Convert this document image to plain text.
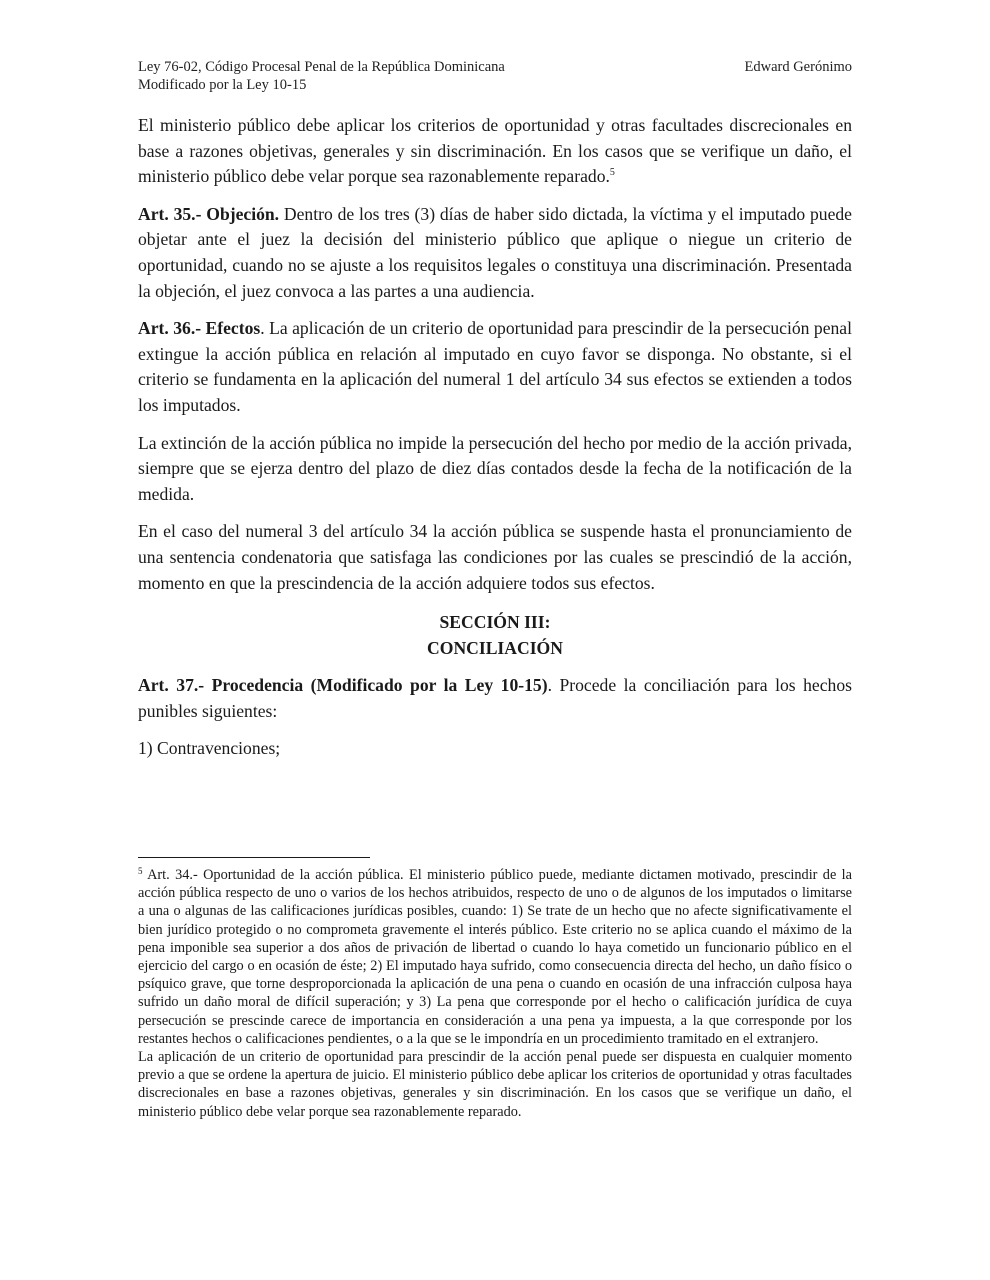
Ley 76-02, Código Procesal Penal de la República Dominicana	Edward Gerónimo
Modificado por la Ley 10-15

El ministerio público debe aplicar los criterios de oportunidad y otras facultades discrecionales en base a razones objetivas, generales y sin discriminación. En los casos que se verifique un daño, el ministerio público debe velar porque sea razonablemente reparado.$^5$

Art. 35.- Objeción. Dentro de los tres (3) días de haber sido dictada, la víctima y el imputado puede objetar ante el juez la decisión del ministerio público que aplique o niegue un criterio de oportunidad, cuando no se ajuste a los requisitos legales o constituya una discriminación. Presentada la objeción, el juez convoca a las partes a una audiencia.

Art. 36.- Efectos. La aplicación de un criterio de oportunidad para prescindir de la persecución penal extingue la acción pública en relación al imputado en cuyo favor se disponga. No obstante, si el criterio se fundamenta en la aplicación del numeral 1 del artículo 34 sus efectos se extienden a todos los imputados.

La extinción de la acción pública no impide la persecución del hecho por medio de la acción privada, siempre que se ejerza dentro del plazo de diez días contados desde la fecha de la notificación de la medida.

En el caso del numeral 3 del artículo 34 la acción pública se suspende hasta el pronunciamiento de una sentencia condenatoria que satisfaga las condiciones por las cuales se prescindió de la acción, momento en que la prescindencia de la acción adquiere todos sus efectos.

SECCIÓN III:
CONCILIACIÓN

Art. 37.- Procedencia (Modificado por la Ley 10-15). Procede la conciliación para los hechos punibles siguientes:

1) Contravenciones;

$^5$ Art. 34.- Oportunidad de la acción pública. El ministerio público puede, mediante dictamen motivado, prescindir de la acción pública respecto de uno o varios de los hechos atribuidos, respecto de uno o de algunos de los imputados o limitarse a una o algunas de las calificaciones jurídicas posibles, cuando: 1) Se trate de un hecho que no afecte significativamente el bien jurídico protegido o no comprometa gravemente el interés público. Este criterio no se aplica cuando el máximo de la pena imponible sea superior a dos años de privación de libertad o cuando lo haya cometido un funcionario público en el ejercicio del cargo o en ocasión de éste; 2) El imputado haya sufrido, como consecuencia directa del hecho, un daño físico o psíquico grave, que torne desproporcionada la aplicación de una pena o cuando en ocasión de una infracción culposa haya sufrido un daño moral de difícil superación; y 3) La pena que corresponde por el hecho o calificación jurídica de cuya persecución se prescinde carece de importancia en consideración a una pena ya impuesta, a la que corresponde por los restantes hechos o calificaciones pendientes, o a la que se le impondría en un procedimiento tramitado en el extranjero.

La aplicación de un criterio de oportunidad para prescindir de la acción penal puede ser dispuesta en cualquier momento previo a que se ordene la apertura de juicio. El ministerio público debe aplicar los criterios de oportunidad y otras facultades discrecionales en base a razones objetivas, generales y sin discriminación. En los casos que se verifique un daño, el ministerio público debe velar porque sea razonablemente reparado.
